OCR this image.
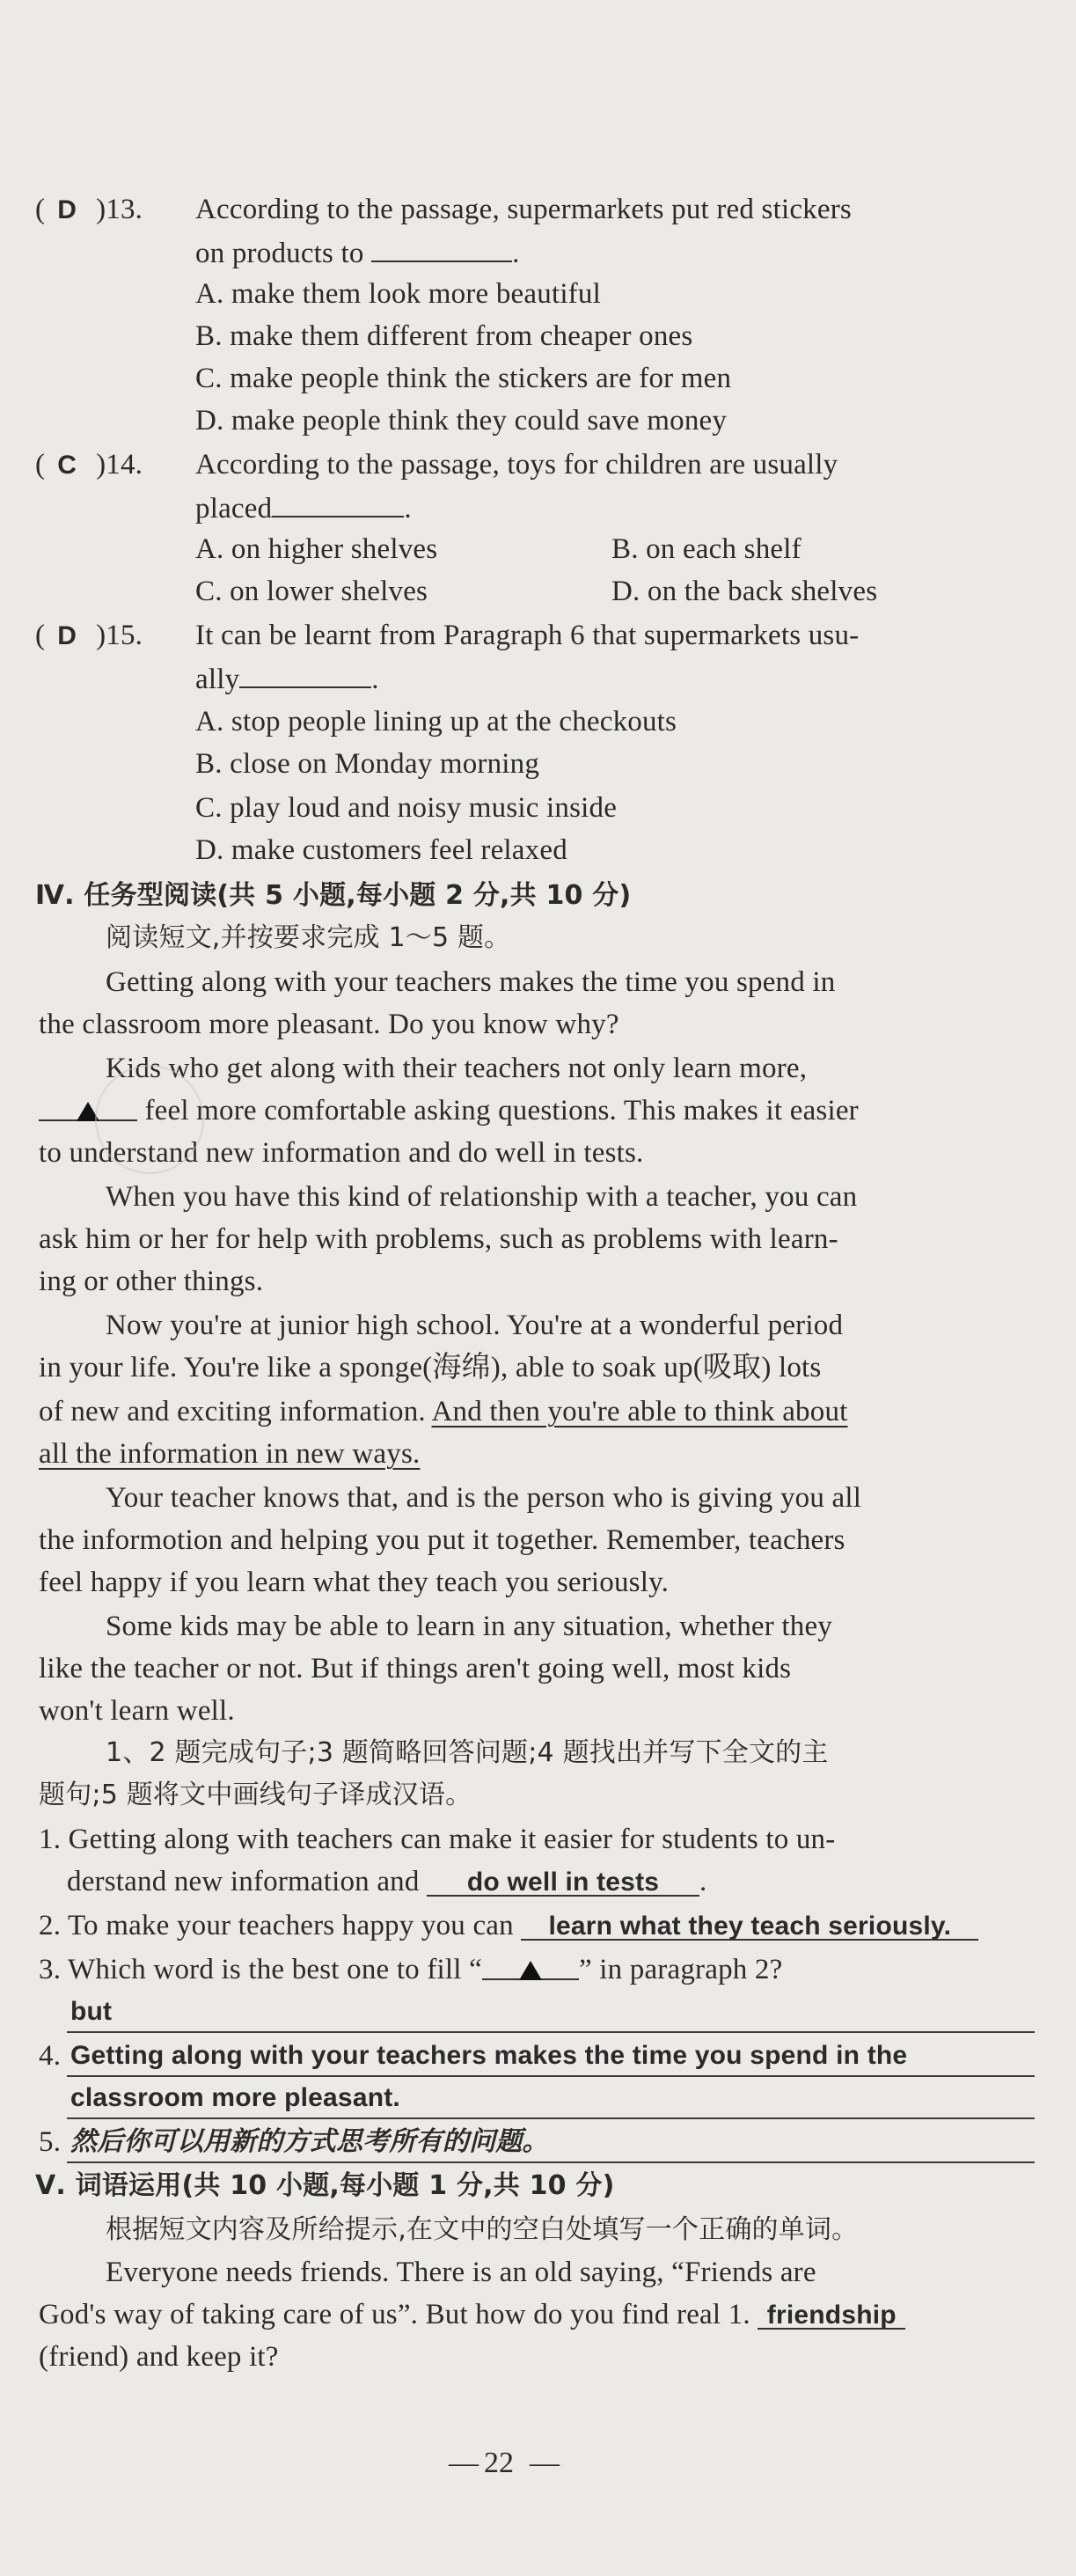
( D )13. According to the passage, supermarkets put red stickers
on products to	.
A. make them look more beautiful
B. make them different from cheaper ones
C. make people think the stickers are for men
D. make people think they could save money
( C )14. According to the passage, toys for children are usually
placed	.
A. on higher shelves	B. on each shelf
C. on lower shelves	D. on the back shelves
( D )15. It can be learnt from Paragraph 6 that supermarkets usu-
ally	.
A. stop people lining up at the checkouts
B. close on Monday morning
C. play loud and noisy music inside
D. make customers feel relaxed
Ⅳ. 任务型阅读(共 5 小题,每小题 2 分,共 10 分)
阅读短文,并按要求完成 1～5 题。
Getting along with your teachers makes the time you spend in
the classroom more pleasant. Do you know why?
Kids who get along with their teachers not only learn more,
feel more comfortable asking questions. This makes it easier
to understand new information and do well in tests.
When you have this kind of relationship with a teacher, you can
ask him or her for help with problems, such as problems with learn-
ing or other things.
Now you're at junior high school. You're at a wonderful period
in your life. You're like a sponge(海绵), able to soak up(吸取) lots
of new and exciting information. And then you're able to think about
all the information in new ways.
Your teacher knows that, and is the person who is giving you all
the informotion and helping you put it together. Remember, teachers
feel happy if you learn what they teach you seriously.
Some kids may be able to learn in any situation, whether they
like the teacher or not. But if things aren't going well, most kids
won't learn well.
1、2 题完成句子;3 题简略回答问题;4 题找出并写下全文的主
题句;5 题将文中画线句子译成汉语。
1. Getting along with teachers can make it easier for students to un-
derstand new information and do well in tests .
2. To make your teachers happy you can learn what they teach seriously.
3. Which word is the best one to fill “	” in paragraph 2?
but
4. Getting along with your teachers makes the time you spend in the
classroom more pleasant.
5. 然后你可以用新的方式思考所有的问题。
Ⅴ. 词语运用(共 10 小题,每小题 1 分,共 10 分)
根据短文内容及所给提示,在文中的空白处填写一个正确的单词。
Everyone needs friends. There is an old saying, “Friends are
God's way of taking care of us”. But how do you find real 1. friendship
(friend) and keep it?
— 22 —
